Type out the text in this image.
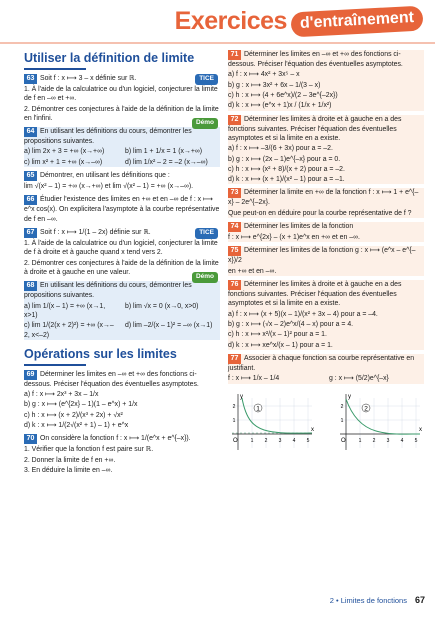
Exercices d'entraînement
Utiliser la définition de limite
63 Soit f : x ⟼ 3 – x définie sur ℝ.	TICE
1. À l'aide de la calculatrice ou d'un logiciel, conjecturer la limite de f en –∞ et +∞.
2. Démontrer ces conjectures à l'aide de la définition de la limite en l'infini.
Démo
64 En utilisant les définitions du cours, démontrer les propositions suivantes.
a) lim 2x + 3 = +∞ (x→+∞)	b) lim 1 + 1/x = 1 (x→+∞)
c) lim x² + 1 = +∞ (x→–∞)	d) lim 1/x² – 2 = –2 (x→–∞)
65 Démontrer, en utilisant les définitions que :
lim √(x² – 1) = +∞ (x→+∞) et lim √(x² – 1) = +∞ (x→–∞).
66 Étudier l'existence des limites en +∞ et en –∞ de f : x ⟼ e^x cos(x). On explicitera l'asymptote à la courbe représentative de f en –∞.
67 Soit f : x ⟼ 1/(1 – 2x) définie sur ℝ.	TICE
1. À l'aide de la calculatrice ou d'un logiciel, conjecturer la limite de f à droite et à gauche quand x tend vers 2.
2. Démontrer ces conjectures à l'aide de la définition de la limite à droite et à gauche en une valeur.
Démo
68 En utilisant les définitions du cours, démontrer les propositions suivantes.
a) lim 1/(x – 1) = +∞ (x→1, x>1)
b) lim √x = 0 (x→0, x>0)
c) lim 1/(2(x + 2)²) = +∞ (x→–2, x<–2)
d) lim –2/(x – 1)² = –∞ (x→1)
Opérations sur les limites
69 Déterminer les limites en –∞ et +∞ des fonctions ci-dessous. Préciser l'équation des éventuelles asymptotes.
a) f : x ⟼ 2x³ + 3x – 1/x
b) g : x ⟼ (e^{2x} – 1)(1 – e^x) + 1/x
c) h : x ⟼ (x + 2)/(x³ + 2x) + √x²
d) k : x ⟼ 1/(2√(x² + 1) – 1) + e^x
70 On considère la fonction f : x ⟼ 1/(e^x + e^{–x}).
1. Vérifier que la fonction f est paire sur ℝ.
2. Donner la limite de f en +∞.
3. En déduire la limite en –∞.
71 Déterminer les limites en –∞ et +∞ des fonctions ci-dessous. Préciser l'équation des éventuelles asymptotes.
a) f : x ⟼ 4x² + 3x⁵ – x
b) g : x ⟼ 3x² + 6x – 1/(3 – x)
c) h : x ⟼ (4 + 6e^x)/(2 – 3e^{–2x})
d) k : x ⟼ (e^x + 1)x / (1/x + 1/x²)
72 Déterminer les limites à droite et à gauche en a des fonctions suivantes. Préciser l'équation des éventuelles asymptotes et si la limite en a existe.
a) f : x ⟼ –3/(6 + 3x) pour a = –2.
b) g : x ⟼ (2x – 1)e^{–x} pour a = 0.
c) h : x ⟼ (x² + 8)/(x + 2) pour a = –2.
d) k : x ⟼ (x + 1)/(x² – 1) pour a = –1.
73 Déterminer la limite en +∞ de la fonction f : x ⟼ 1 + e^{–x} – 2e^{–2x}.
Que peut-on en déduire pour la courbe représentative de f ?
74 Déterminer les limites de la fonction
f : x ⟼ e^{2x} – (x + 1)e^x en +∞ et en –∞.
75 Déterminer les limites de la fonction g : x ⟼ (e^x – e^{–x})/2
en +∞ et en –∞.
76 Déterminer les limites à droite et à gauche en a des fonctions suivantes. Préciser l'équation des éventuelles asymptotes et si la limite en a existe.
a) f : x ⟼ (x + 5)(x – 1)/(x² + 3x – 4) pour a = –4.
b) g : x ⟼ (√x – 2)e^x/(4 – x) pour a = 4.
c) h : x ⟼ x²/(x – 1)² pour a = 1.
d) k : x ⟼ xe^x/(x – 1) pour a = 1.
77 Associer à chaque fonction sa courbe représentative en justifiant.
f : x ⟼ 1/x – 1/4	g : x ⟼ (5/2)e^{–x}
1
O
x
y
1 2 3 4 5
2
1
2
O
x
y
1 2 3 4 5
2
1
2 • Limites de fonctions 67
